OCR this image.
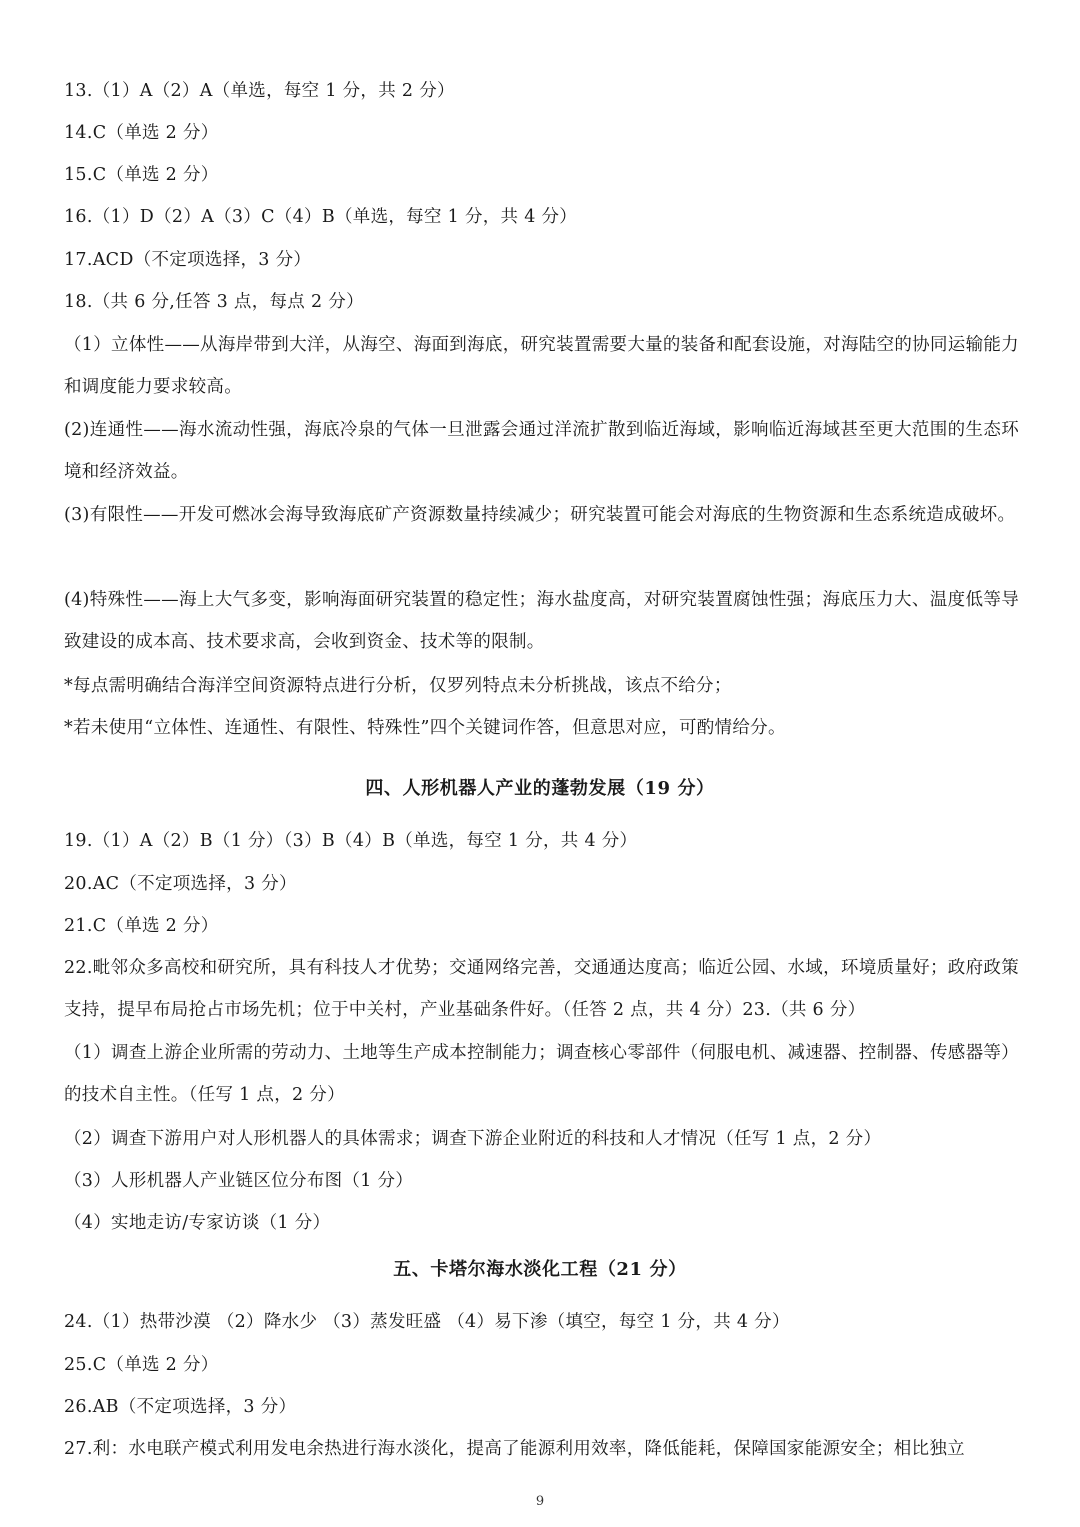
13.（1）A（2）A（单选，每空 1 分，共 2 分）
14.C（单选 2 分）
15.C（单选 2 分）
16.（1）D（2）A（3）C（4）B（单选，每空 1 分，共 4 分）
17.ACD（不定项选择，3 分）
18.（共 6 分,任答 3 点，每点 2 分）
（1）立体性——从海岸带到大洋，从海空、海面到海底，研究装置需要大量的装备和配套设施，对海陆空的协同运输能力和调度能力要求较高。
(2)连通性——海水流动性强，海底冷泉的气体一旦泄露会通过洋流扩散到临近海域，影响临近海域甚至更大范围的生态环境和经济效益。
(3)有限性——开发可燃冰会海导致海底矿产资源数量持续减少；研究装置可能会对海底的生物资源和生态系统造成破坏。
(4)特殊性——海上大气多变，影响海面研究装置的稳定性；海水盐度高，对研究装置腐蚀性强；海底压力大、温度低等导致建设的成本高、技术要求高，会收到资金、技术等的限制。
*每点需明确结合海洋空间资源特点进行分析，仅罗列特点未分析挑战，该点不给分；
*若未使用“立体性、连通性、有限性、特殊性”四个关键词作答，但意思对应，可酌情给分。
四、人形机器人产业的蓬勃发展（19 分）
19.（1）A（2）B（1 分）（3）B（4）B（单选，每空 1 分，共 4 分）
20.AC（不定项选择，3 分）
21.C（单选 2 分）
22.毗邻众多高校和研究所，具有科技人才优势；交通网络完善，交通通达度高；临近公园、水域，环境质量好；政府政策支持，提早布局抢占市场先机；位于中关村，产业基础条件好。（任答 2 点，共 4 分）23.（共 6 分）
（1）调查上游企业所需的劳动力、土地等生产成本控制能力；调查核心零部件（伺服电机、减速器、控制器、传感器等）的技术自主性。（任写 1 点，2 分）
（2）调查下游用户对人形机器人的具体需求；调查下游企业附近的科技和人才情况（任写 1 点，2 分）
（3）人形机器人产业链区位分布图（1 分）
（4）实地走访/专家访谈（1 分）
五、卡塔尔海水淡化工程（21 分）
24.（1）热带沙漠 （2）降水少 （3）蒸发旺盛 （4）易下渗（填空，每空 1 分，共 4 分）
25.C（单选 2 分）
26.AB（不定项选择，3 分）
27.利：水电联产模式利用发电余热进行海水淡化，提高了能源利用效率，降低能耗，保障国家能源安全；相比独立
9
